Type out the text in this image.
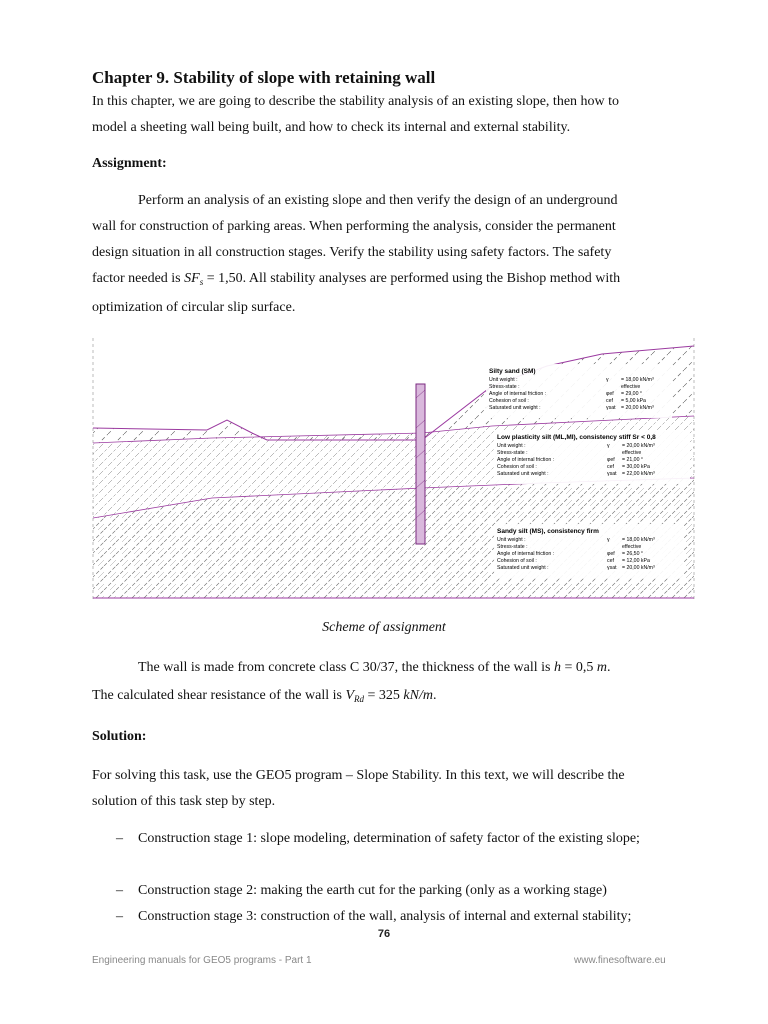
Chapter 9. Stability of slope with retaining wall
In this chapter, we are going to describe the stability analysis of an existing slope, then how to
model a sheeting wall being built, and how to check its internal and external stability.
Assignment:
Perform an analysis of an existing slope and then verify the design of an underground
wall for construction of parking areas. When performing the analysis, consider the permanent
design situation in all construction stages. Verify the stability using safety factors. The safety
factor needed is $SF_s = 1,50$. All stability analyses are performed using the Bishop method with
optimization of circular slip surface.
Silty sand (SM)
Unit weight :	γ = 18,00 kN/m³
Stress-state :	effective
Angle of internal friction :	φef = 29,00 °
Cohesion of soil :	cef = 5,00 kPa
Saturated unit weight :	γsat = 20,00 kN/m³
Low plasticity silt (ML,MI), consistency stiff Sr < 0,8
Unit weight :	γ = 20,00 kN/m³
Stress-state :	effective
Angle of internal friction :	φef = 21,00 °
Cohesion of soil :	cef = 30,00 kPa
Saturated unit weight :	γsat = 22,00 kN/m³
Sandy silt (MS), consistency firm
Unit weight :	γ = 18,00 kN/m³
Stress-state :	effective
Angle of internal friction :	φef = 26,50 °
Cohesion of soil :	cef = 12,00 kPa
Saturated unit weight :	γsat = 20,00 kN/m³
Scheme of assignment
The wall is made from concrete class C 30/37, the thickness of the wall is h = 0,5 m.
The calculated shear resistance of the wall is $V_{Rd} = 325$ kN/m.
Solution:
For solving this task, use the GEO5 program – Slope Stability. In this text, we will describe the
solution of this task step by step.
–	Construction stage 1: slope modeling, determination of safety factor of the existing slope;
–	Construction stage 2: making the earth cut for the parking (only as a working stage)
–	Construction stage 3: construction of the wall, analysis of internal and external stability;
76
Engineering manuals for GEO5 programs - Part 1	www.finesoftware.eu
